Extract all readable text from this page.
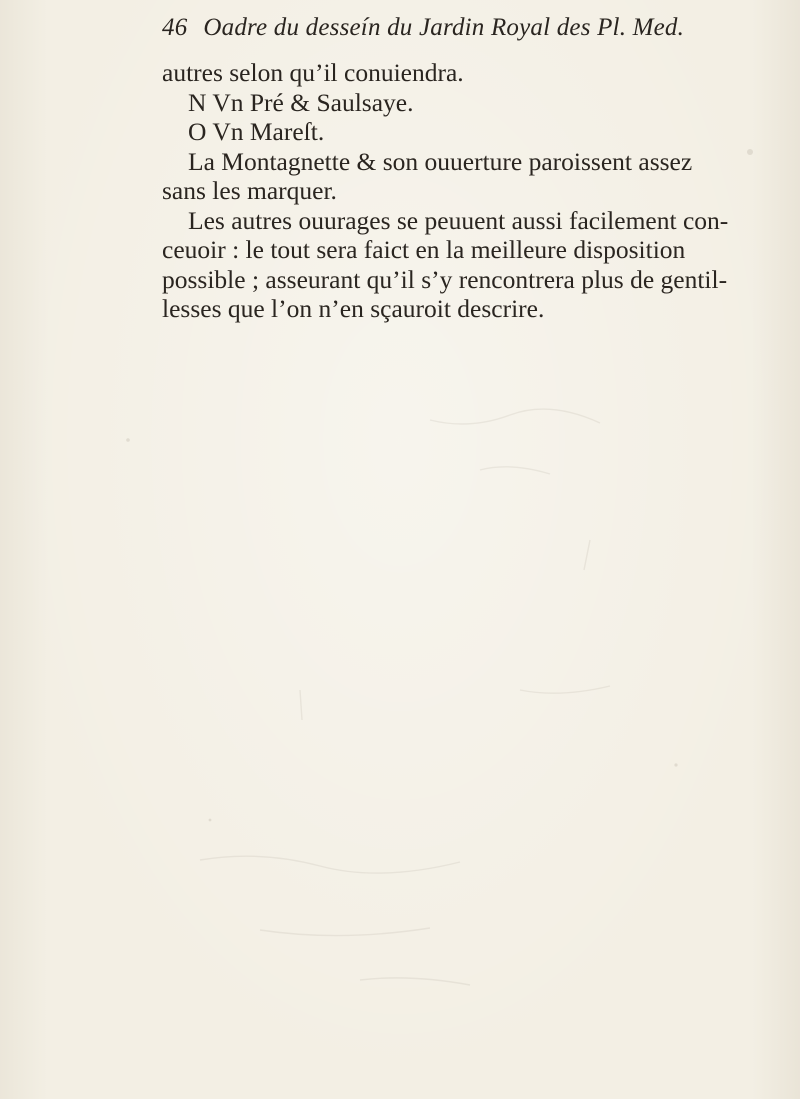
46 Oadre du desseín du Jardin Royal des Pl. Med.
autres selon qu’il conuiendra.
N Vn Pré & Saulsaye.
O Vn Mareſt.
La Montagnette & son ouuerture paroissent assez
sans les marquer.
Les autres ouurages se peuuent aussi facilement con-
ceuoir : le tout sera faict en la meilleure disposition
possible ; asseurant qu’il s’y rencontrera plus de gentil-
lesses que l’on n’en sçauroit descrire.
